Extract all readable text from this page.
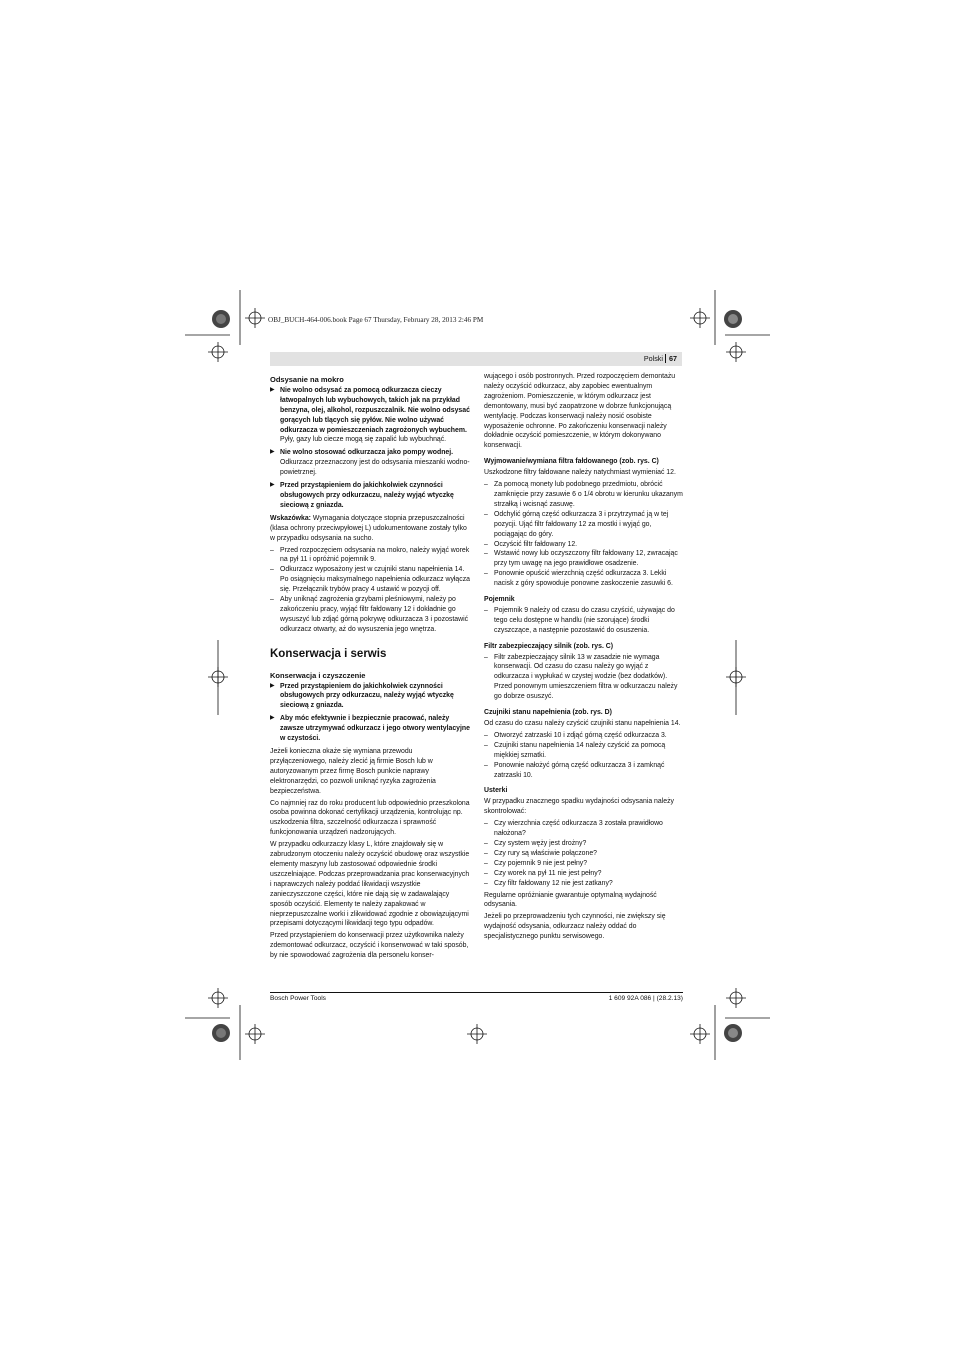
OBJ_BUCH-464-006.book Page 67 Thursday, February 28, 2013 2:46 PM
Polski 67
Odsysanie na mokro
▶ Nie wolno odsysać za pomocą odkurzacza cieczy łatwopalnych lub wybuchowych, takich jak na przykład benzyna, olej, alkohol, rozpuszczalnik. Nie wolno odsysać gorących lub tlących się pyłów. Nie wolno używać odkurzacza w pomieszczeniach zagrożonych wybuchem.
Pyły, gazy lub ciecze mogą się zapalić lub wybuchnąć.
▶ Nie wolno stosować odkurzacza jako pompy wodnej.
Odkurzacz przeznaczony jest do odsysania mieszanki wodno-powietrznej.
▶ Przed przystąpieniem do jakichkolwiek czynności obsługowych przy odkurzaczu, należy wyjąć wtyczkę sieciową z gniazda.

Wskazówka: Wymagania dotyczące stopnia przepuszczalności (klasa ochrony przeciwpyłowej L) udokumentowane zostały tylko w przypadku odsysania na sucho.

– Przed rozpoczęciem odsysania na mokro, należy wyjąć worek na pył 11 i opróżnić pojemnik 9.
– Odkurzacz wyposażony jest w czujniki stanu napełnienia 14. Po osiągnięciu maksymalnego napełnienia odkurzacz wyłącza się. Przełącznik trybów pracy 4 ustawić w pozycji off.
– Aby uniknąć zagrożenia grzybami pleśniowymi, należy po zakończeniu pracy, wyjąć filtr fałdowany 12 i dokładnie go wysuszyć lub zdjąć górną pokrywę odkurzacza 3 i pozostawić odkurzacz otwarty, aż do wysuszenia jego wnętrza.
Konserwacja i serwis
Konserwacja i czyszczenie
▶ Przed przystąpieniem do jakichkolwiek czynności obsługowych przy odkurzaczu, należy wyjąć wtyczkę sieciową z gniazda.
▶ Aby móc efektywnie i bezpiecznie pracować, należy zawsze utrzymywać odkurzacz i jego otwory wentylacyjne w czystości.

Jeżeli konieczna okaże się wymiana przewodu przyłączeniowego, należy zlecić ją firmie Bosch lub w autoryzowanym przez firmę Bosch punkcie naprawy elektronarzędzi, co pozwoli uniknąć ryzyka zagrożenia bezpieczeństwa.

Co najmniej raz do roku producent lub odpowiednio przeszkolona osoba powinna dokonać certyfikacji urządzenia, kontrolując np. uszkodzenia filtra, szczelność odkurzacza i sprawność funkcjonowania urządzeń nadzorujących.

W przypadku odkurzaczy klasy L, które znajdowały się w zabrudzonym otoczeniu należy oczyścić obudowę oraz wszystkie elementy maszyny lub zastosować odpowiednie środki uszczelniające. Podczas przeprowadzania prac konserwacyjnych i naprawczych należy poddać likwidacji wszystkie zanieczyszczone części, które nie dają się w zadawalający sposób oczyścić. Elementy te należy zapakować w nieprzepuszczalne worki i zlikwidować zgodnie z obowiązującymi przepisami dotyczącymi likwidacji tego typu odpadów.

Przed przystąpieniem do konserwacji przez użytkownika należy zdemontować odkurzacz, oczyścić i konserwować w taki sposób, by nie spowodować zagrożenia dla personelu konser-

wującego i osób postronnych. Przed rozpoczęciem demontażu należy oczyścić odkurzacz, aby zapobiec ewentualnym zagrożeniom. Pomieszczenie, w którym odkurzacz jest demontowany, musi być zaopatrzone w dobrze funkcjonującą wentylację. Podczas konserwacji należy nosić osobiste wyposażenie ochronne. Po zakończeniu konserwacji należy dokładnie oczyścić pomieszczenie, w którym dokonywano konserwacji.

Wyjmowanie/wymiana filtra fałdowanego (zob. rys. C)

Uszkodzone filtry fałdowane należy natychmiast wymieniać 12.

– Za pomocą monety lub podobnego przedmiotu, obrócić zamknięcie przy zasuwie 6 o 1/4 obrotu w kierunku ukazanym strzałką i wcisnąć zasuwę.
– Odchylić górną część odkurzacza 3 i przytrzymać ją w tej pozycji. Ująć filtr fałdowany 12 za mostki i wyjąć go, pociągając do góry.
– Oczyścić filtr fałdowany 12.
– Wstawić nowy lub oczyszczony filtr fałdowany 12, zwracając przy tym uwagę na jego prawidłowe osadzenie.
– Ponownie opuścić wierzchnią część odkurzacza 3. Lekki nacisk z góry spowoduje ponowne zaskoczenie zasuwki 6.
Pojemnik
– Pojemnik 9 należy od czasu do czasu czyścić, używając do tego celu dostępne w handlu (nie szorujące) środki czyszczące, a następnie pozostawić do osuszenia.
Filtr zabezpieczający silnik (zob. rys. C)
– Filtr zabezpieczający silnik 13 w zasadzie nie wymaga konserwacji. Od czasu do czasu należy go wyjąć z odkurzacza i wypłukać w czystej wodzie (bez dodatków). Przed ponownym umieszczeniem filtra w odkurzaczu należy go dobrze osuszyć.
Czujniki stanu napełnienia (zob. rys. D)

Od czasu do czasu należy czyścić czujniki stanu napełnienia 14.

– Otworzyć zatrzaski 10 i zdjąć górną część odkurzacza 3.
– Czujniki stanu napełnienia 14 należy czyścić za pomocą miękkiej szmatki.
– Ponownie nałożyć górną część odkurzacza 3 i zamknąć zatrzaski 10.
Usterki

W przypadku znacznego spadku wydajności odsysania należy skontrolować:

– Czy wierzchnia część odkurzacza 3 została prawidłowo nałożona?
– Czy system węży jest drożny?
– Czy rury są właściwie połączone?
– Czy pojemnik 9 nie jest pełny?
– Czy worek na pył 11 nie jest pełny?
– Czy filtr fałdowany 12 nie jest zatkany?

Regularne opróżnianie gwarantuje optymalną wydajność odsysania.

Jeżeli po przeprowadzeniu tych czynności, nie zwiększy się wydajność odsysania, odkurzacz należy oddać do specjalistycznego punktu serwisowego.

Bosch Power Tools	1 609 92A 086 | (28.2.13)
